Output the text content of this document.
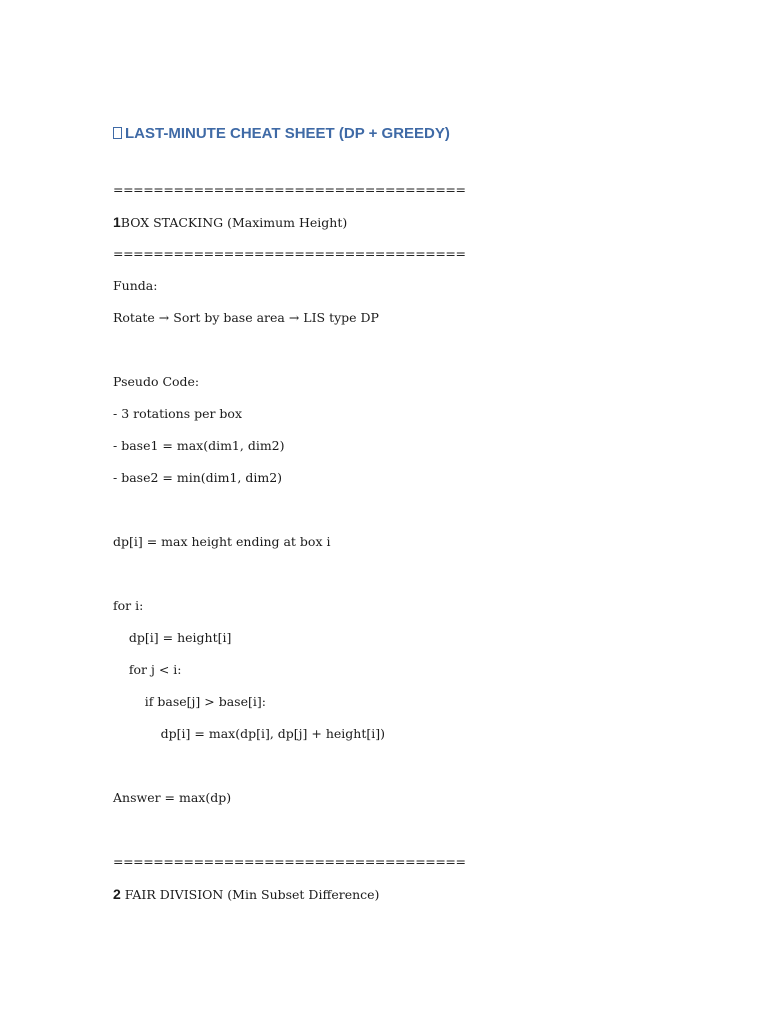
LAST-MINUTE CHEAT SHEET (DP + GREEDY)
===================================
1BOX STACKING (Maximum Height)
===================================
Funda:
Rotate → Sort by base area → LIS type DP
Pseudo Code:
- 3 rotations per box
- base1 = max(dim1, dim2)
- base2 = min(dim1, dim2)
dp[i] = max height ending at box i
for i:
dp[i] = height[i]
for j < i:
if base[j] > base[i]:
dp[i] = max(dp[i], dp[j] + height[i])
Answer = max(dp)
===================================
2 FAIR DIVISION (Min Subset Difference)
